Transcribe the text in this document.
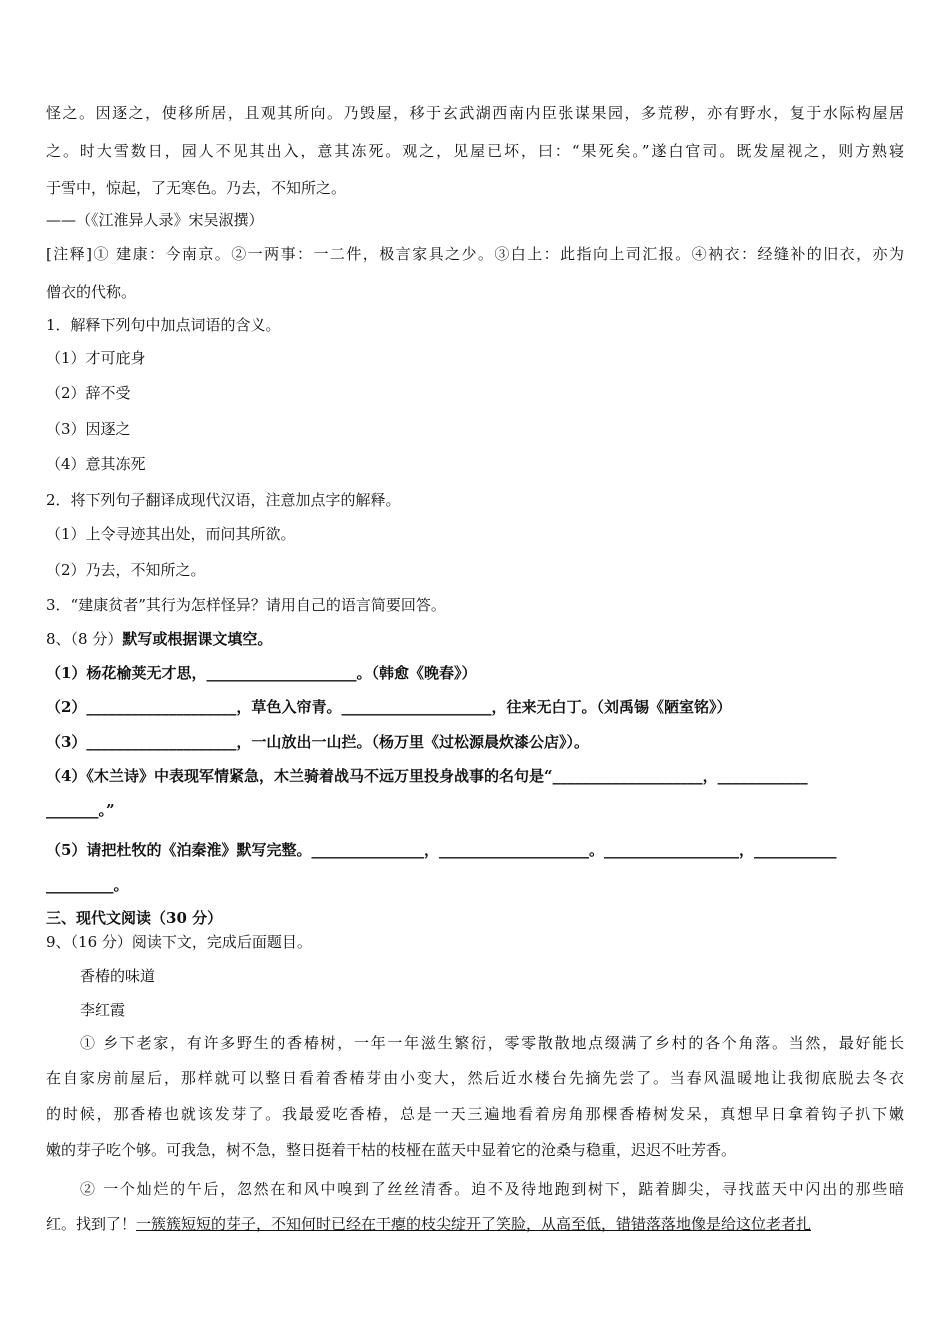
怪之。因逐之，使移所居，且观其所向。乃毁屋，移于玄武湖西南内臣张谋果园，多荒秽，亦有野水，复于水际构屋居
之。时大雪数日，园人不见其出入，意其冻死。观之，见屋已坏，曰：“果死矣。”遂白官司。既发屋视之，则方熟寝
于雪中，惊起，了无寒色。乃去，不知所之。
——（《江淮异人录》宋吴淑撰）
[注释]① 建康：今南京。②一两事：一二件，极言家具之少。③白上：此指向上司汇报。④衲衣：经缝补的旧衣，亦为
僧衣的代称。
1．解释下列句中加点词语的含义。
（1）才可庇身
（2）辞不受
（3）因逐之
（4）意其冻死
2．将下列句子翻译成现代汉语，注意加点字的解释。
（1）上令寻迹其出处，而问其所欲。
（2）乃去，不知所之。
3．“建康贫者”其行为怎样怪异？请用自己的语言简要回答。
8、（8 分）默写或根据课文填空。
（1）杨花榆荚无才思，____________________。（韩愈《晚春》）
（2）____________________，草色入帘青。____________________，往来无白丁。（刘禹锡《陋室铭》）
（3）____________________，一山放出一山拦。（杨万里《过松源晨炊漆公店》）。
（4）《木兰诗》中表现军情紧急，木兰骑着战马不远万里投身战事的名句是“____________________，____________
_______。”
（5）请把杜牧的《泊秦淮》默写完整。_______________，____________________。__________________，___________
_________。
三、现代文阅读（30 分）
9、（16 分）阅读下文，完成后面题目。
香椿的味道
李红霞
① 乡下老家，有许多野生的香椿树，一年一年滋生繁衍，零零散散地点缀满了乡村的各个角落。当然，最好能长
在自家房前屋后，那样就可以整日看着香椿芽由小变大，然后近水楼台先摘先尝了。当春风温暖地让我彻底脱去冬衣
的时候，那香椿也就该发芽了。我最爱吃香椿，总是一天三遍地看着房角那棵香椿树发呆，真想早日拿着钩子扒下嫩
嫩的芽子吃个够。可我急，树不急，整日挺着干枯的枝桠在蓝天中显着它的沧桑与稳重，迟迟不吐芳香。
② 一个灿烂的午后，忽然在和风中嗅到了丝丝清香。迫不及待地跑到树下，踮着脚尖，寻找蓝天中闪出的那些暗
红。找到了！一簇簇短短的芽子，不知何时已经在干瘪的枝尖绽开了笑脸，从高至低，错错落落地像是给这位老者扎
